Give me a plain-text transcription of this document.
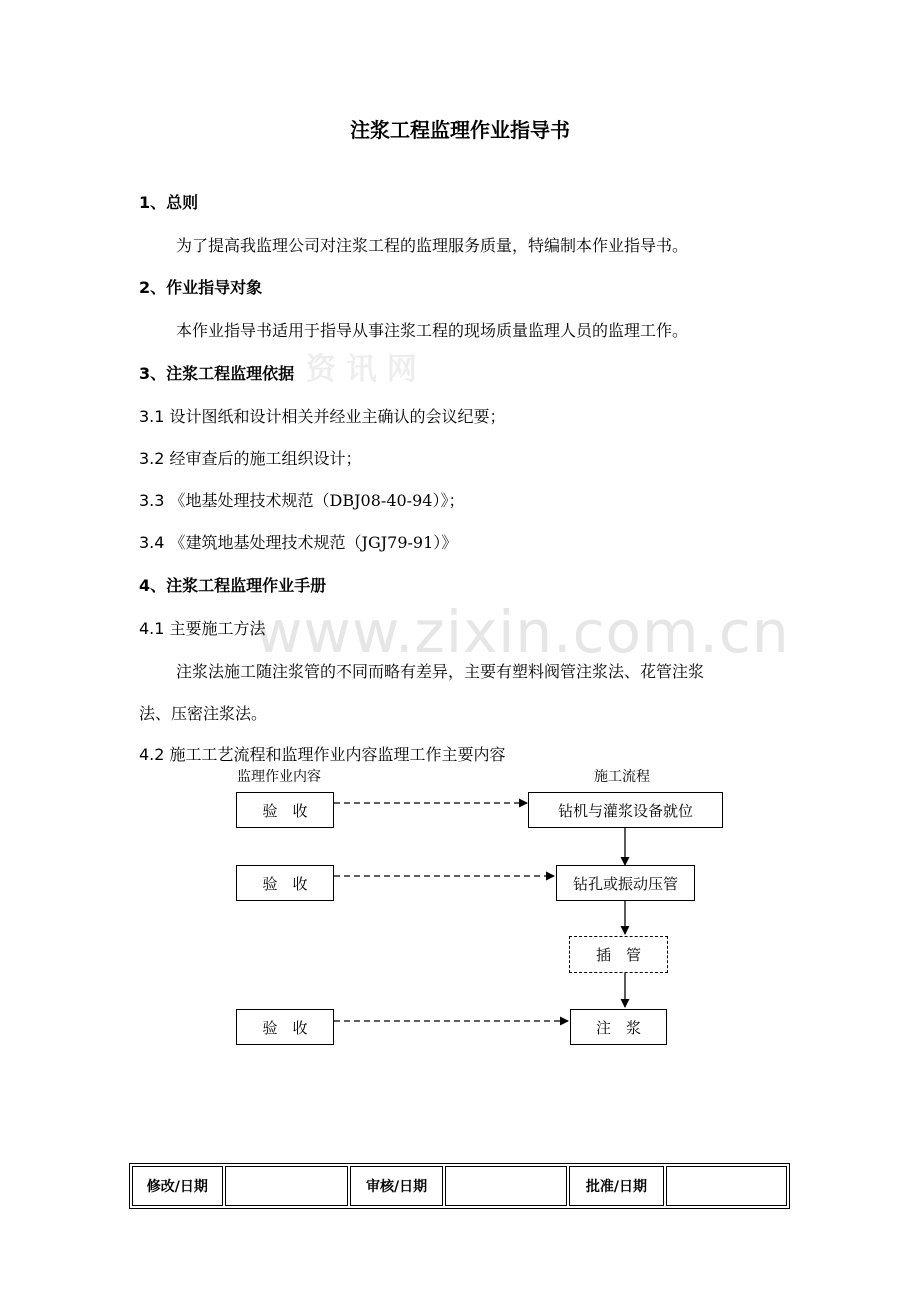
www.zixin.com.cn
资 讯 网
注浆工程监理作业指导书
1、总则
为了提高我监理公司对注浆工程的监理服务质量，特编制本作业指导书。
2、作业指导对象
本作业指导书适用于指导从事注浆工程的现场质量监理人员的监理工作。
3、注浆工程监理依据
3.1 设计图纸和设计相关并经业主确认的会议纪要；
3.2 经审查后的施工组织设计；
3.3 《地基处理技术规范（DBJ08-40-94）》；
3.4 《建筑地基处理技术规范（JGJ79-91）》
4、注浆工程监理作业手册
4.1 主要施工方法
注浆法施工随注浆管的不同而略有差异，主要有塑料阀管注浆法、花管注浆
法、压密注浆法。
4.2 施工工艺流程和监理作业内容监理工作主要内容
监理作业内容	施工流程
验　收
验　收
验　收
钻机与灌浆设备就位
钻孔或振动压管
插　管
注　浆
修改/日期		审核/日期		批准/日期	
